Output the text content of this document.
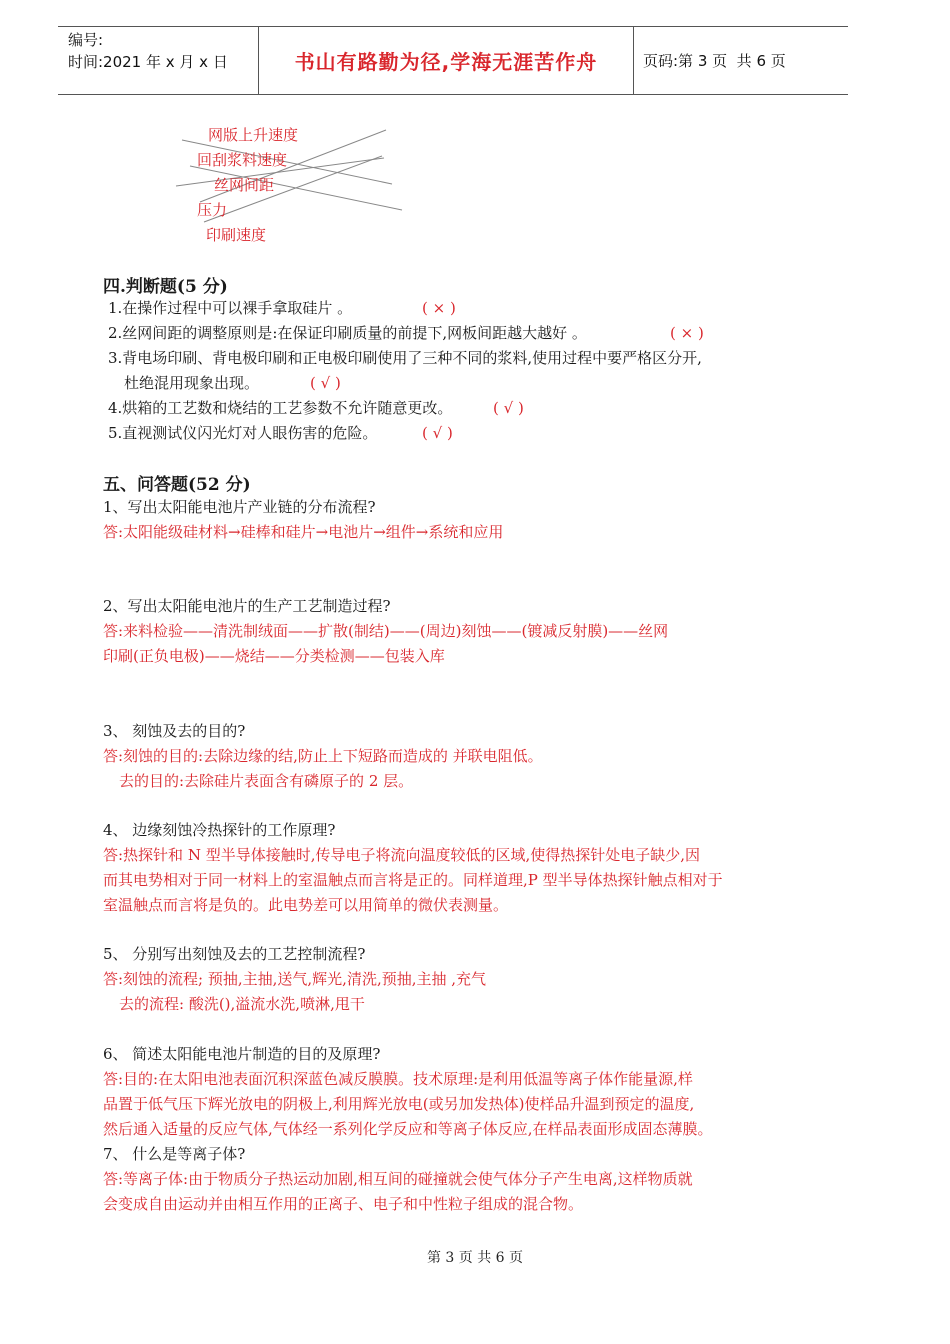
编号:
时间:2021 年 x 月 x 日	书山有路勤为径,学海无涯苦作舟	页码:第 3 页  共 6 页
网版上升速度
回刮浆料速度
丝网间距
压力
印刷速度
四.判断题(5 分)
1.在操作过程中可以裸手拿取硅片 。	( × )
2.丝网间距的调整原则是:在保证印刷质量的前提下,网板间距越大越好 。	( × )
3.背电场印刷、背电极印刷和正电极印刷使用了三种不同的浆料,使用过程中要严格区分开,
杜绝混用现象出现。	( √ )
4.烘箱的工艺数和烧结的工艺参数不允许随意更改。	( √ )
5.直视测试仪闪光灯对人眼伤害的危险。	( √ )
五、问答题(52 分)
1、写出太阳能电池片产业链的分布流程?
答:太阳能级硅材料→硅棒和硅片→电池片→组件→系统和应用
2、写出太阳能电池片的生产工艺制造过程?
答:来料检验——清洗制绒面——扩散(制结)——(周边)刻蚀——(镀减反射膜)——丝网
印刷(正负电极)——烧结——分类检测——包装入库
3、 刻蚀及去的目的?
答:刻蚀的目的:去除边缘的结,防止上下短路而造成的 并联电阻低。
去的目的:去除硅片表面含有磷原子的 2 层。
4、 边缘刻蚀冷热探针的工作原理?
答:热探针和 N 型半导体接触时,传导电子将流向温度较低的区域,使得热探针处电子缺少,因
而其电势相对于同一材料上的室温触点而言将是正的。同样道理,P 型半导体热探针触点相对于
室温触点而言将是负的。此电势差可以用简单的微伏表测量。
5、 分别写出刻蚀及去的工艺控制流程?
答:刻蚀的流程; 预抽,主抽,送气,辉光,清洗,预抽,主抽 ,充气
去的流程: 酸洗(),溢流水洗,喷淋,甩干
6、 简述太阳能电池片制造的目的及原理?
答:目的:在太阳电池表面沉积深蓝色减反膜膜。技术原理:是利用低温等离子体作能量源,样
品置于低气压下辉光放电的阴极上,利用辉光放电(或另加发热体)使样品升温到预定的温度,
然后通入适量的反应气体,气体经一系列化学反应和等离子体反应,在样品表面形成固态薄膜。
7、 什么是等离子体?
答:等离子体:由于物质分子热运动加剧,相互间的碰撞就会使气体分子产生电离,这样物质就
会变成自由运动并由相互作用的正离子、电子和中性粒子组成的混合物。
第 3 页 共 6 页
